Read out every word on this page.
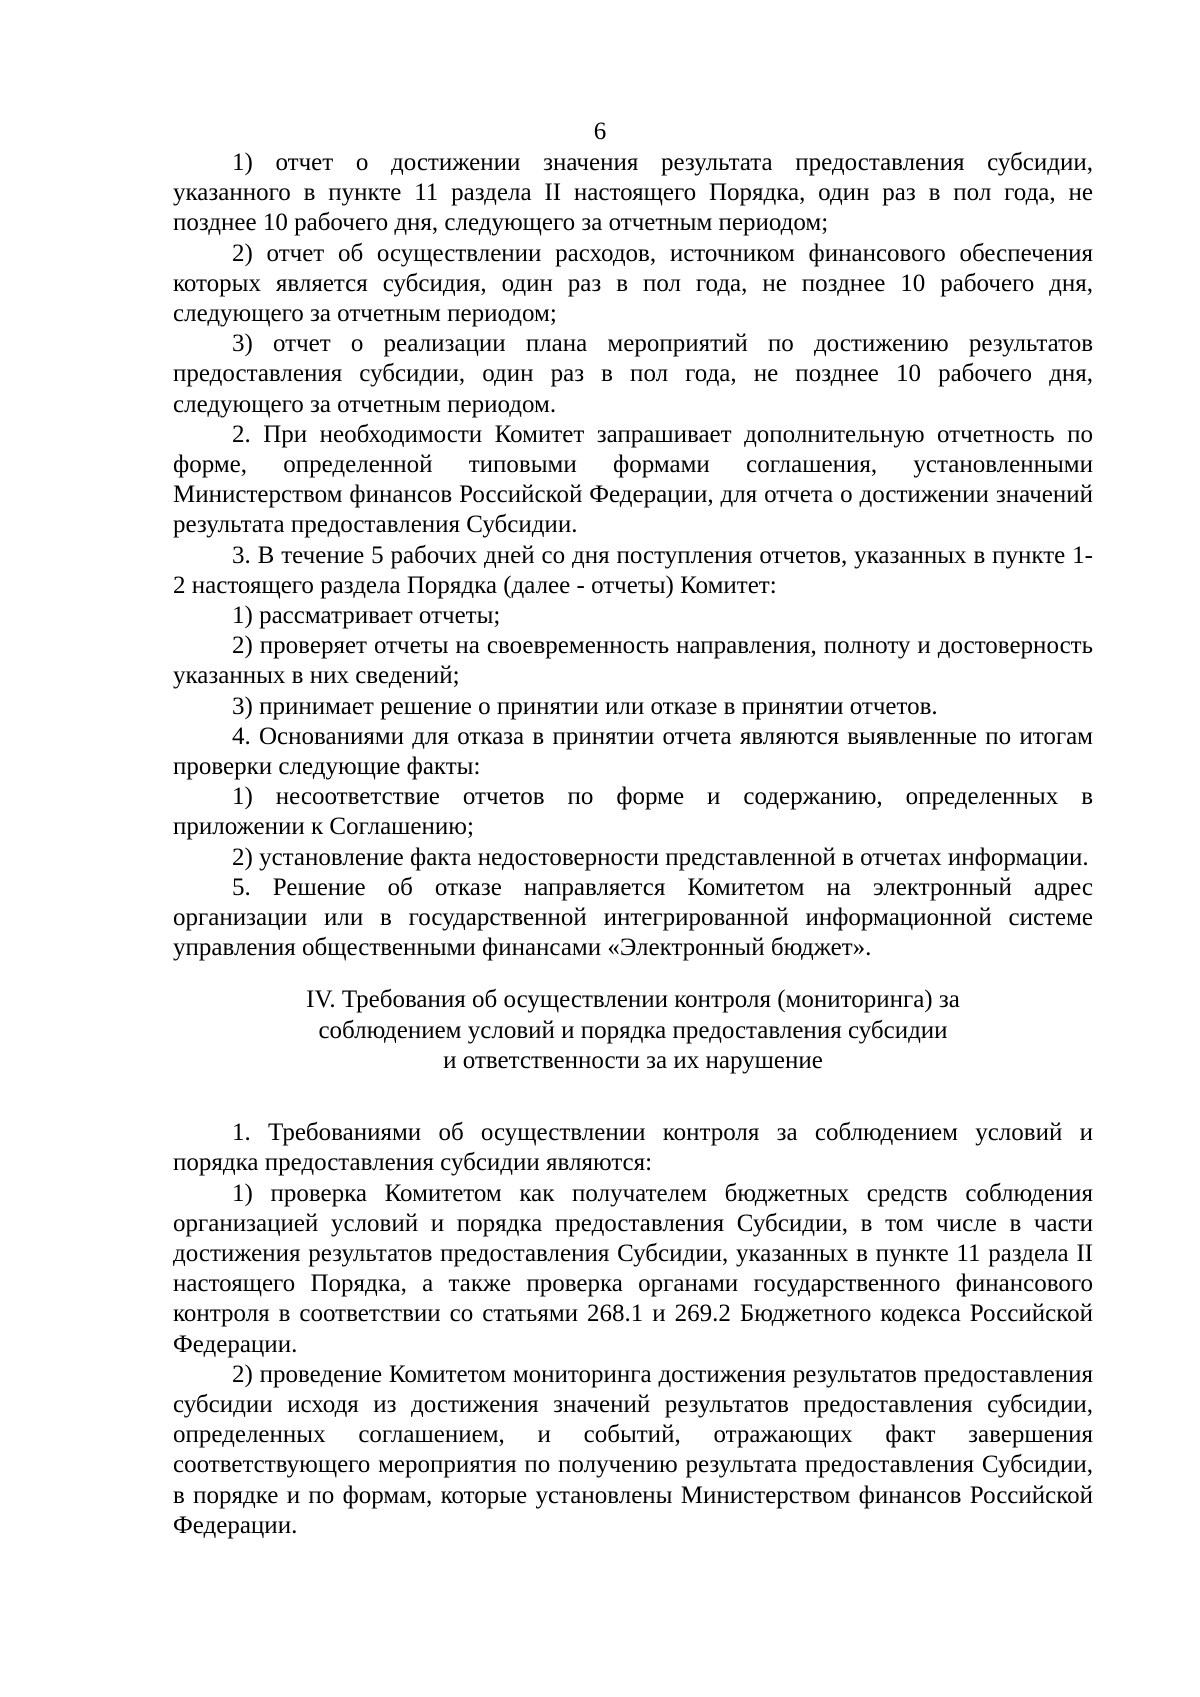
6

1) отчет о достижении значения результата предоставления субсидии, указанного в пункте 11 раздела II настоящего Порядка, один раз в пол года, не позднее 10 рабочего дня, следующего за отчетным периодом;

2) отчет об осуществлении расходов, источником финансового обеспечения которых является субсидия, один раз в пол года, не позднее 10 рабочего дня, следующего за отчетным периодом;

3) отчет о реализации плана мероприятий по достижению результатов предоставления субсидии, один раз в пол года, не позднее 10 рабочего дня, следующего за отчетным периодом.

2. При необходимости Комитет запрашивает дополнительную отчетность по форме, определенной типовыми формами соглашения, установленными Министерством финансов Российской Федерации, для отчета о достижении значений результата предоставления Субсидии.

3. В течение 5 рабочих дней со дня поступления отчетов, указанных в пункте 1-2 настоящего раздела Порядка (далее - отчеты) Комитет:

1) рассматривает отчеты;

2) проверяет отчеты на своевременность направления, полноту и достоверность указанных в них сведений;

3) принимает решение о принятии или отказе в принятии отчетов.

4. Основаниями для отказа в принятии отчета являются выявленные по итогам проверки следующие факты:

1) несоответствие отчетов по форме и содержанию, определенных в приложении к Соглашению;

2) установление факта недостоверности представленной в отчетах информации.

5. Решение об отказе направляется Комитетом на электронный адрес организации или в государственной интегрированной информационной системе управления общественными финансами «Электронный бюджет».

IV. Требования об осуществлении контроля (мониторинга) за
соблюдением условий и порядка предоставления субсидии
и ответственности за их нарушение

1. Требованиями об осуществлении контроля за соблюдением условий и порядка предоставления субсидии являются:

1) проверка Комитетом как получателем бюджетных средств соблюдения организацией условий и порядка предоставления Субсидии, в том числе в части достижения результатов предоставления Субсидии, указанных в пункте 11 раздела II настоящего Порядка, а также проверка органами государственного финансового контроля в соответствии со статьями 268.1 и 269.2 Бюджетного кодекса Российской Федерации.

2) проведение Комитетом мониторинга достижения результатов предоставления субсидии исходя из достижения значений результатов предоставления субсидии, определенных соглашением, и событий, отражающих факт завершения соответствующего мероприятия по получению результата предоставления Субсидии, в порядке и по формам, которые установлены Министерством финансов Российской Федерации.
